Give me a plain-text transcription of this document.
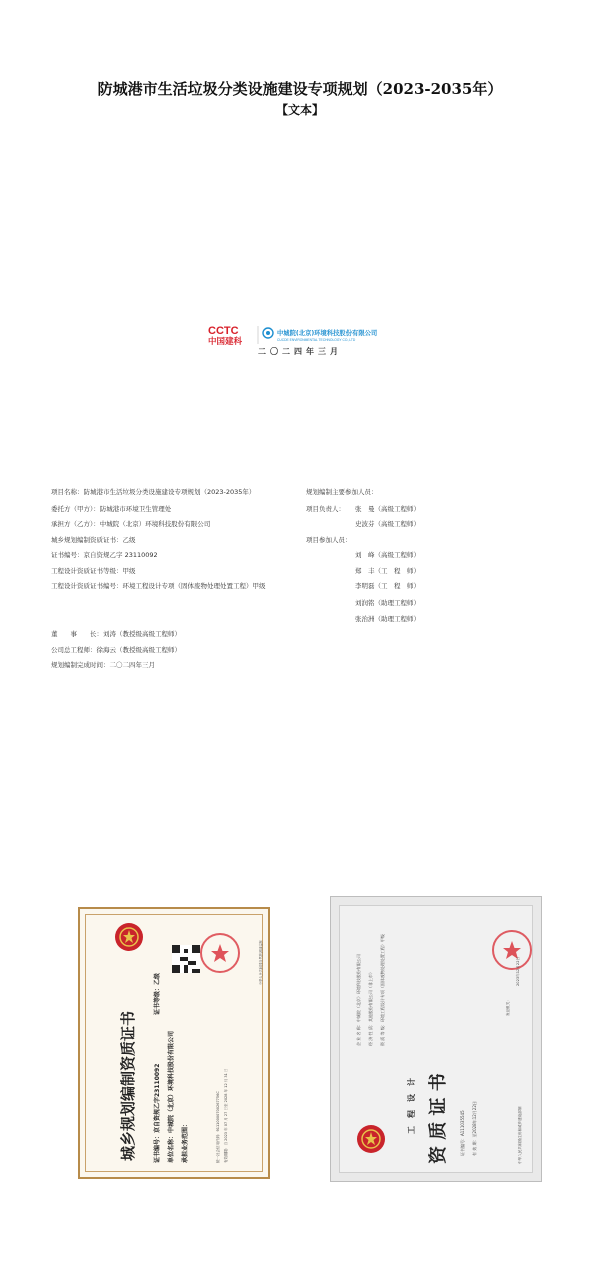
防城港市生活垃圾分类设施建设专项规划（2023-2035年）
【文本】
CCTC
中国建科
中城院(北京)环境科技股份有限公司
CUCDE ENVIRONMENTAL TECHNOLOGY CO.,LTD
二〇二四年三月
项目名称：防城港市生活垃圾分类设施建设专项规划（2023-2035年）
委托方（甲方）：防城港市环境卫生管理处
承担方（乙方）：中城院（北京）环境科技股份有限公司
城乡规划编制资质证书：乙级
证书编号：京自资规乙字 23110092
工程设计资质证书等级：甲级
工程设计资质证书编号：环境工程设计专项（固体废物处理处置工程）甲级
董　　事　　长：刘涛（教授级高级工程师）
公司总工程师：徐海云（教授级高级工程师）
规划编制完成时间：二〇二四年三月
规划编制主要参加人员：
项目负责人： 张　曼（高级工程师）
史波芬（高级工程师）
项目参加人员：
刘　峰（高级工程师）
郑　丰（工　程　师）
李明磊（工　程　师）
刘润铭（助理工程师）
张治洲（助理工程师）
城乡规划编制资质证书	证书编号：京自资规乙字23110092
证书等级：乙级
单位名称：中城院（北京）环境科技股份有限公司	承担业务范围：	统一社会信用代码：91110000700267756C 有效期限：自 2023 年 07 月 27 日至 2028 年 12 月 31 日
中华人民共和国自然资源部监制
工　程　设　计 资 质 证 书
企 业 名 称：中城院（北京）环境科技股份有限公司 经 济 性 质：其他股份有限公司（非上市） 资 质 等 级：环境工程设计专项（固体废物处理处置工程）甲级
证书编号：A111035545 有 效 期：至2028年12月22日	中华人民共和国住房和城乡建设部制
发证机关：
2023年12月22日
